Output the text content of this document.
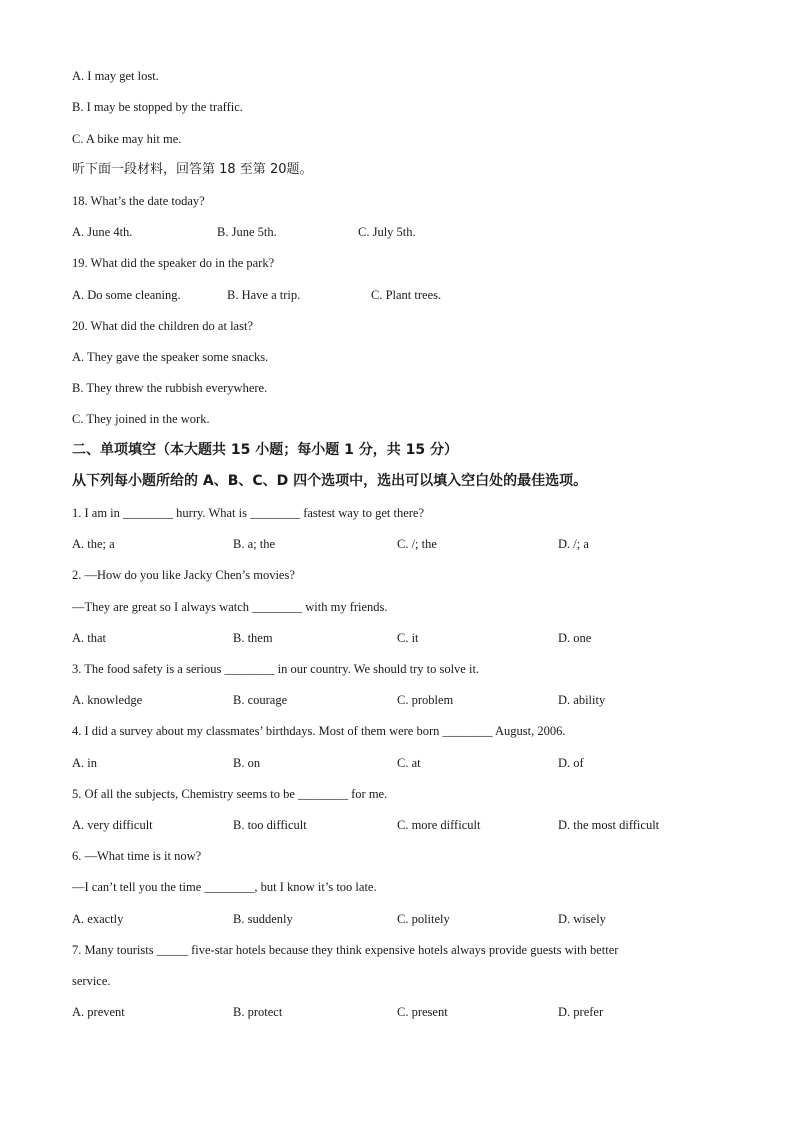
A. I may get lost.
B. I may be stopped by the traffic.
C. A bike may hit me.
听下面一段材料，回答第 18 至第 20题。
18. What’s the date today?
A. June 4th.	B. June 5th.	C. July 5th.
19. What did the speaker do in the park?
A. Do some cleaning.	B. Have a trip.	C. Plant trees.
20. What did the children do at last?
A. They gave the speaker some snacks.
B. They threw the rubbish everywhere.
C. They joined in the work.
二、单项填空（本大题共 15 小题；每小题 1 分，共 15 分）
从下列每小题所给的 A、B、C、D 四个选项中，选出可以填入空白处的最佳选项。
1. I am in ________ hurry. What is ________ fastest way to get there?
A. the; a	B. a; the	C. /; the	D. /; a
2. —How do you like Jacky Chen’s movies?
—They are great so I always watch ________ with my friends.
A. that	B. them	C. it	D. one
3. The food safety is a serious ________ in our country. We should try to solve it.
A. knowledge	B. courage	C. problem	D. ability
4. I did a survey about my classmates’ birthdays. Most of them were born ________ August, 2006.
A. in	B. on	C. at	D. of
5. Of all the subjects, Chemistry seems to be ________ for me.
A. very difficult	B. too difficult	C. more difficult	D. the most difficult
6. —What time is it now?
—I can’t tell you the time ________, but I know it’s too late.
A. exactly	B. suddenly	C. politely	D. wisely
7. Many tourists _____ five-star hotels because they think expensive hotels always provide guests with better
service.
A. prevent	B. protect	C. present	D. prefer
